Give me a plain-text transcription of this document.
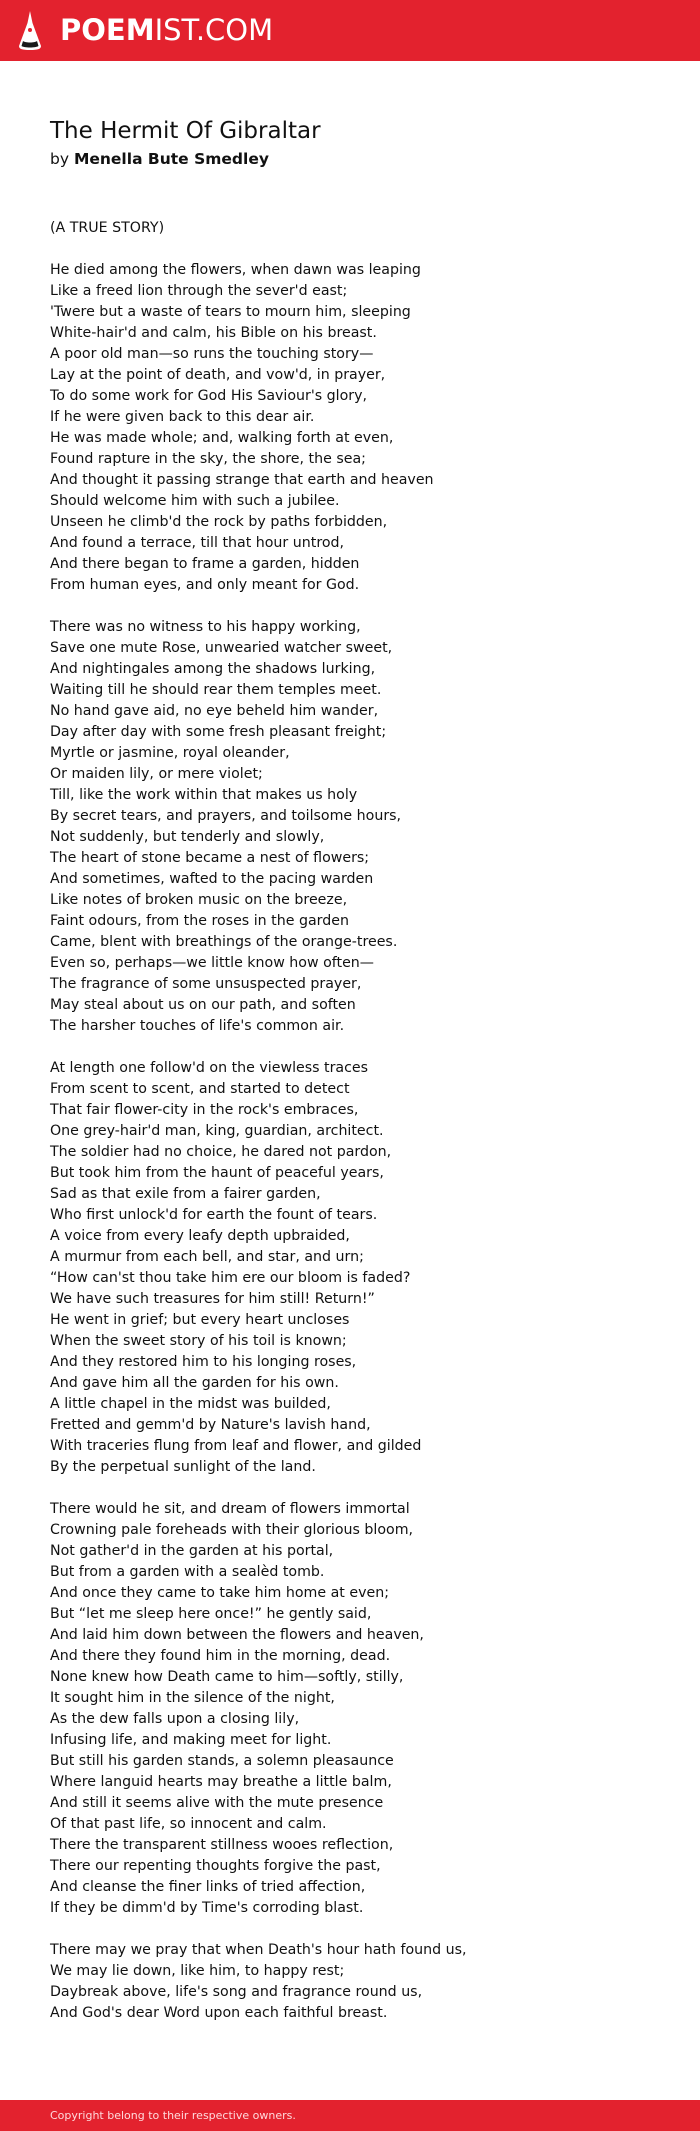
POEMIST.COM
The Hermit Of Gibraltar
by Menella Bute Smedley
(A TRUE STORY)
He died among the flowers, when dawn was leaping
Like a freed lion through the sever'd east;
'Twere but a waste of tears to mourn him, sleeping
White-hair'd and calm, his Bible on his breast.
A poor old man—so runs the touching story—
Lay at the point of death, and vow'd, in prayer,
To do some work for God His Saviour's glory,
If he were given back to this dear air.
He was made whole; and, walking forth at even,
Found rapture in the sky, the shore, the sea;
And thought it passing strange that earth and heaven
Should welcome him with such a jubilee.
Unseen he climb'd the rock by paths forbidden,
And found a terrace, till that hour untrod,
And there began to frame a garden, hidden
From human eyes, and only meant for God.
There was no witness to his happy working,
Save one mute Rose, unwearied watcher sweet,
And nightingales among the shadows lurking,
Waiting till he should rear them temples meet.
No hand gave aid, no eye beheld him wander,
Day after day with some fresh pleasant freight;
Myrtle or jasmine, royal oleander,
Or maiden lily, or mere violet;
Till, like the work within that makes us holy
By secret tears, and prayers, and toilsome hours,
Not suddenly, but tenderly and slowly,
The heart of stone became a nest of flowers;
And sometimes, wafted to the pacing warden
Like notes of broken music on the breeze,
Faint odours, from the roses in the garden
Came, blent with breathings of the orange-trees.
Even so, perhaps—we little know how often—
The fragrance of some unsuspected prayer,
May steal about us on our path, and soften
The harsher touches of life's common air.
At length one follow'd on the viewless traces
From scent to scent, and started to detect
That fair flower-city in the rock's embraces,
One grey-hair'd man, king, guardian, architect.
The soldier had no choice, he dared not pardon,
But took him from the haunt of peaceful years,
Sad as that exile from a fairer garden,
Who first unlock'd for earth the fount of tears.
A voice from every leafy depth upbraided,
A murmur from each bell, and star, and urn;
“How can'st thou take him ere our bloom is faded?
We have such treasures for him still! Return!”
He went in grief; but every heart uncloses
When the sweet story of his toil is known;
And they restored him to his longing roses,
And gave him all the garden for his own.
A little chapel in the midst was builded,
Fretted and gemm'd by Nature's lavish hand,
With traceries flung from leaf and flower, and gilded
By the perpetual sunlight of the land.
There would he sit, and dream of flowers immortal
Crowning pale foreheads with their glorious bloom,
Not gather'd in the garden at his portal,
But from a garden with a sealèd tomb.
And once they came to take him home at even;
But “let me sleep here once!” he gently said,
And laid him down between the flowers and heaven,
And there they found him in the morning, dead.
None knew how Death came to him—softly, stilly,
It sought him in the silence of the night,
As the dew falls upon a closing lily,
Infusing life, and making meet for light.
But still his garden stands, a solemn pleasaunce
Where languid hearts may breathe a little balm,
And still it seems alive with the mute presence
Of that past life, so innocent and calm.
There the transparent stillness wooes reflection,
There our repenting thoughts forgive the past,
And cleanse the finer links of tried affection,
If they be dimm'd by Time's corroding blast.
There may we pray that when Death's hour hath found us,
We may lie down, like him, to happy rest;
Daybreak above, life's song and fragrance round us,
And God's dear Word upon each faithful breast.
Copyright belong to their respective owners.
